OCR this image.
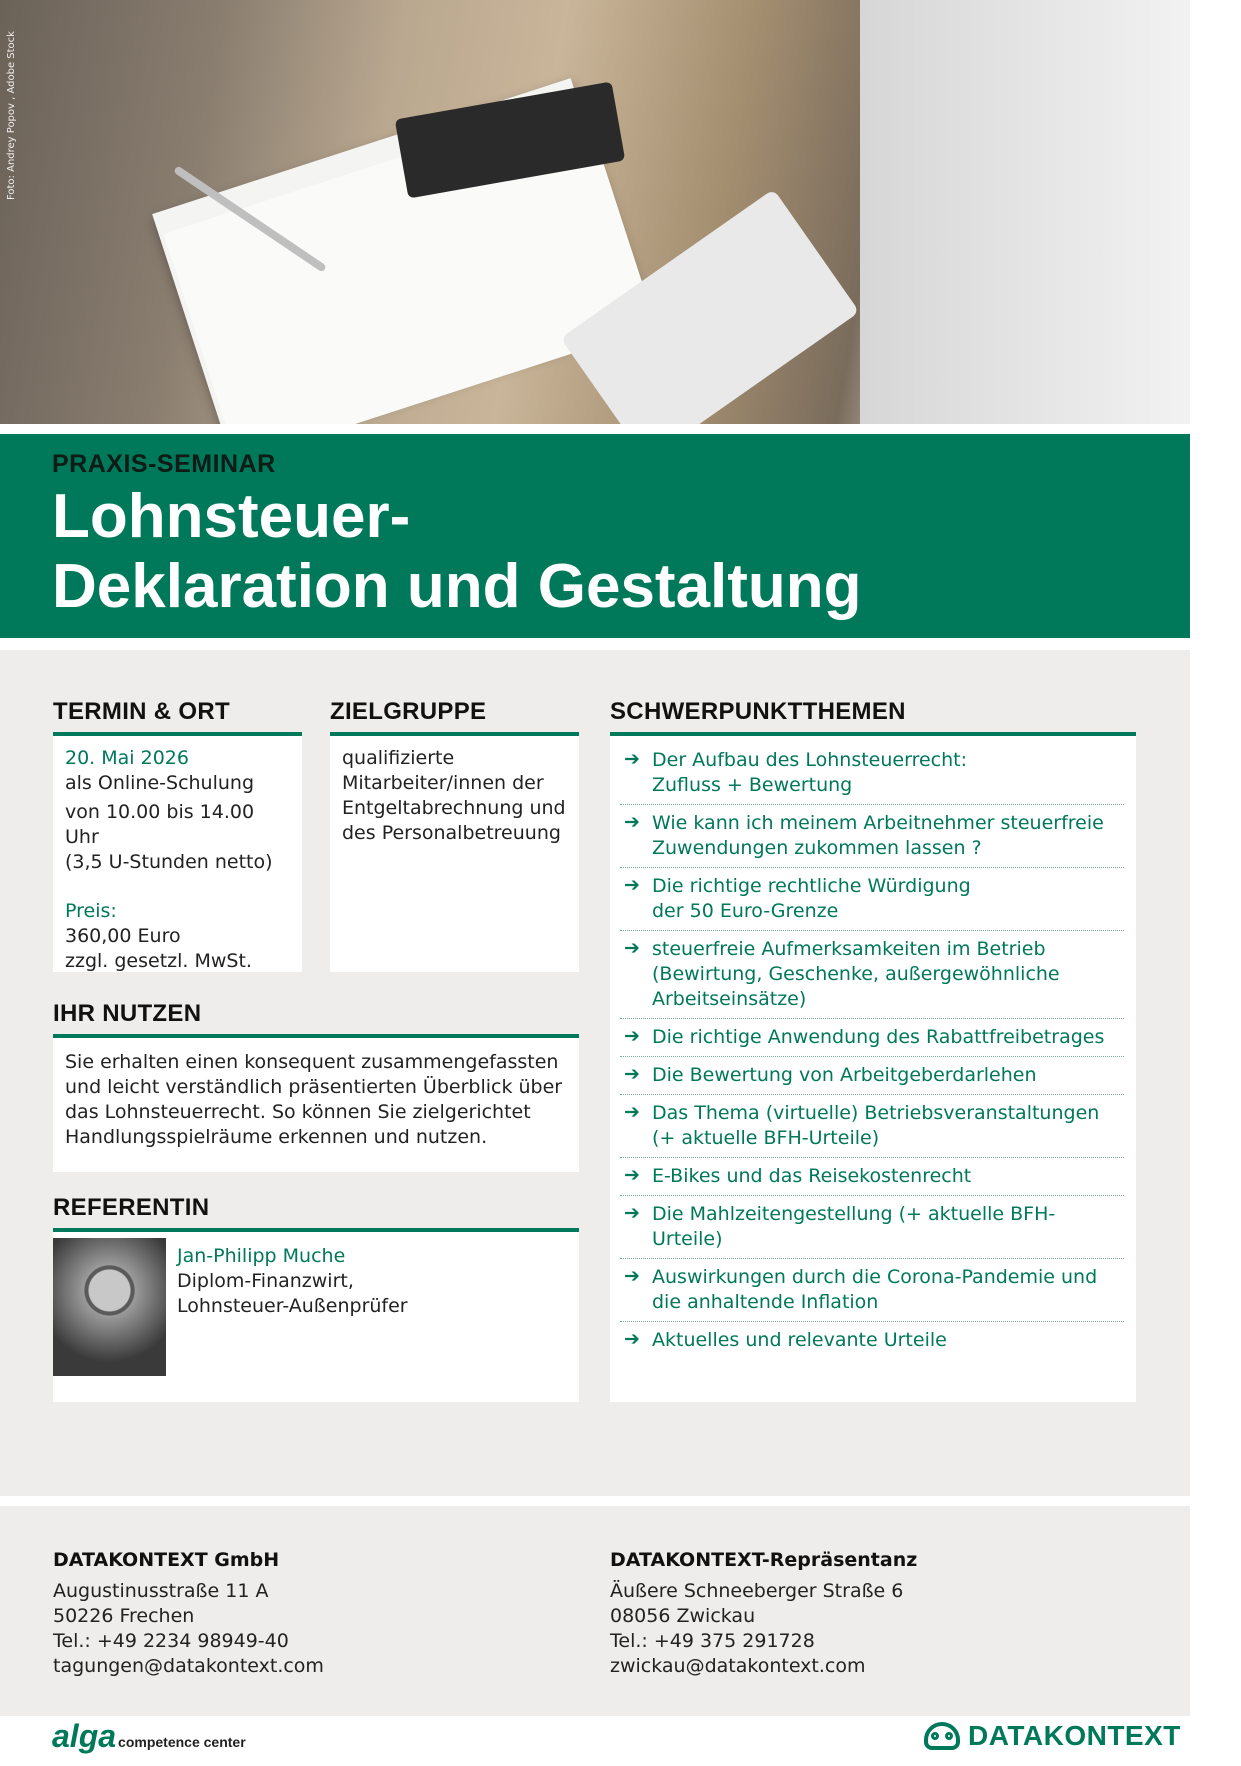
Foto: Andrey Popov , Adobe Stock
PRAXIS-SEMINAR
Lohnsteuer-
Deklaration und Gestaltung
TERMIN & ORT
20. Mai 2026
als Online-Schulung
von 10.00 bis 14.00 Uhr
(3,5 U-Stunden netto)
Preis:
360,00 Euro
zzgl. gesetzl. MwSt.
ZIELGRUPPE
qualifizierte
Mitarbeiter/innen der
Entgeltabrechnung und
des Personalbetreuung
IHR NUTZEN
Sie erhalten einen konsequent zusammengefassten
und leicht verständlich präsentierten Überblick über
das Lohnsteuerrecht. So können Sie zielgerichtet
Handlungsspielräume erkennen und nutzen.
REFERENTIN
Jan-Philipp Muche
Diplom-Finanzwirt,
Lohnsteuer-Außenprüfer
SCHWERPUNKTTHEMEN
➔ Der Aufbau des Lohnsteuerrecht:
Zufluss + Bewertung
➔ Wie kann ich meinem Arbeitnehmer steuerfreie
Zuwendungen zukommen lassen ?
➔ Die richtige rechtliche Würdigung
der 50 Euro-Grenze
➔ steuerfreie Aufmerksamkeiten im Betrieb
(Bewirtung, Geschenke, außergewöhnliche
Arbeitseinsätze)
➔ Die richtige Anwendung des Rabattfreibetrages
➔ Die Bewertung von Arbeitgeberdarlehen
➔ Das Thema (virtuelle) Betriebsveranstaltungen
(+ aktuelle BFH-Urteile)
➔ E-Bikes und das Reisekostenrecht
➔ Die Mahlzeitengestellung (+ aktuelle BFH-Urteile)
➔ Auswirkungen durch die Corona-Pandemie und
die anhaltende Inflation
➔ Aktuelles und relevante Urteile
DATAKONTEXT GmbH
Augustinusstraße 11 A
50226 Frechen
Tel.: +49 2234 98949-40
tagungen@datakontext.com
DATAKONTEXT-Repräsentanz
Äußere Schneeberger Straße 6
08056 Zwickau
Tel.: +49 375 291728
zwickau@datakontext.com
alga competence center	DATAKONTEXT
